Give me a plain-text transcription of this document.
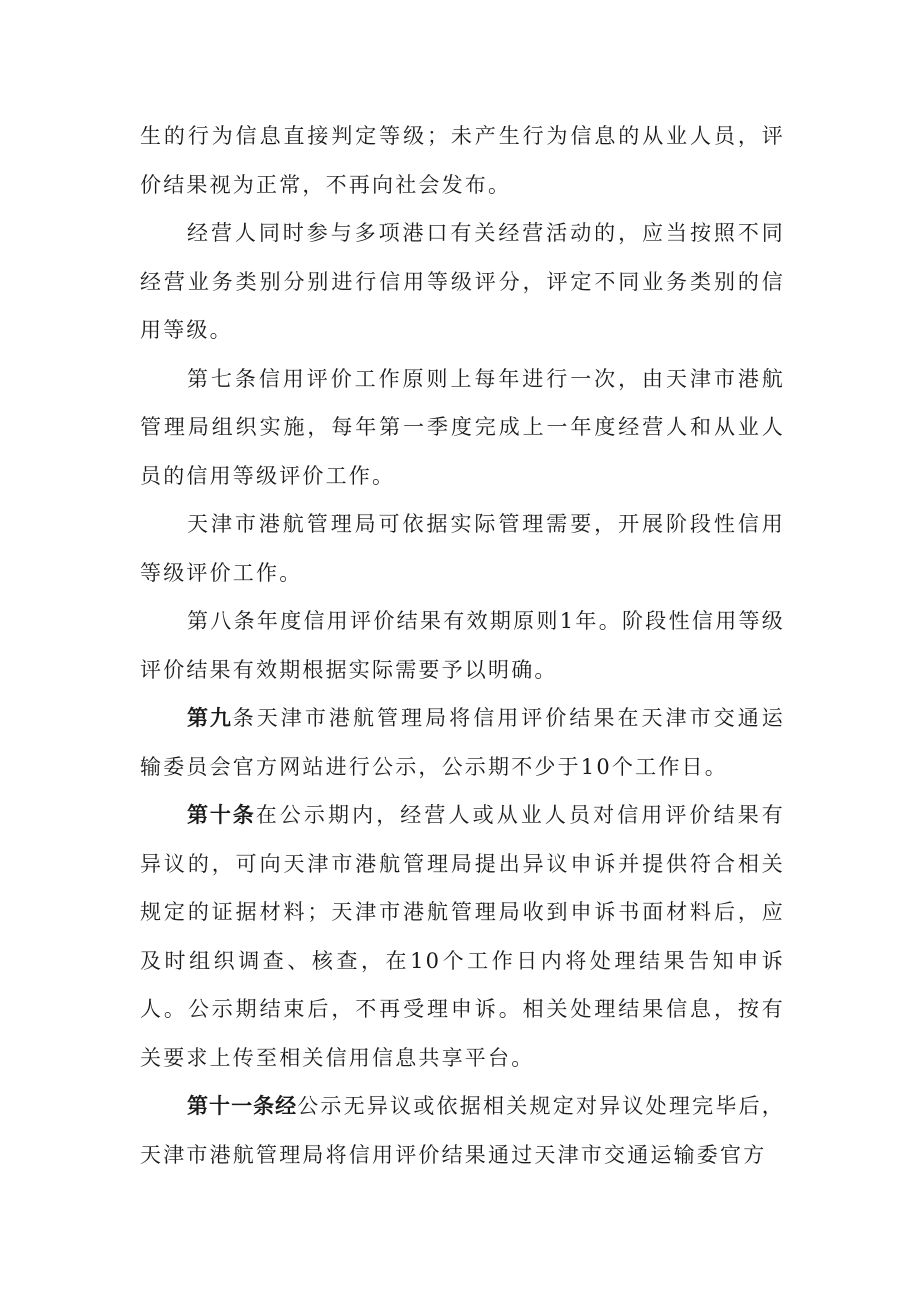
生的行为信息直接判定等级；未产生行为信息的从业人员，评价结果视为正常，不再向社会发布。

经营人同时参与多项港口有关经营活动的，应当按照不同经营业务类别分别进行信用等级评分，评定不同业务类别的信用等级。

第七条信用评价工作原则上每年进行一次，由天津市港航管理局组织实施，每年第一季度完成上一年度经营人和从业人员的信用等级评价工作。

天津市港航管理局可依据实际管理需要，开展阶段性信用等级评价工作。

第八条年度信用评价结果有效期原则1年。阶段性信用等级评价结果有效期根据实际需要予以明确。

第九条天津市港航管理局将信用评价结果在天津市交通运输委员会官方网站进行公示，公示期不少于10个工作日。

第十条在公示期内，经营人或从业人员对信用评价结果有异议的，可向天津市港航管理局提出异议申诉并提供符合相关规定的证据材料；天津市港航管理局收到申诉书面材料后，应及时组织调查、核查，在10个工作日内将处理结果告知申诉人。公示期结束后，不再受理申诉。相关处理结果信息，按有关要求上传至相关信用信息共享平台。

第十一条经公示无异议或依据相关规定对异议处理完毕后，天津市港航管理局将信用评价结果通过天津市交通运输委官方
